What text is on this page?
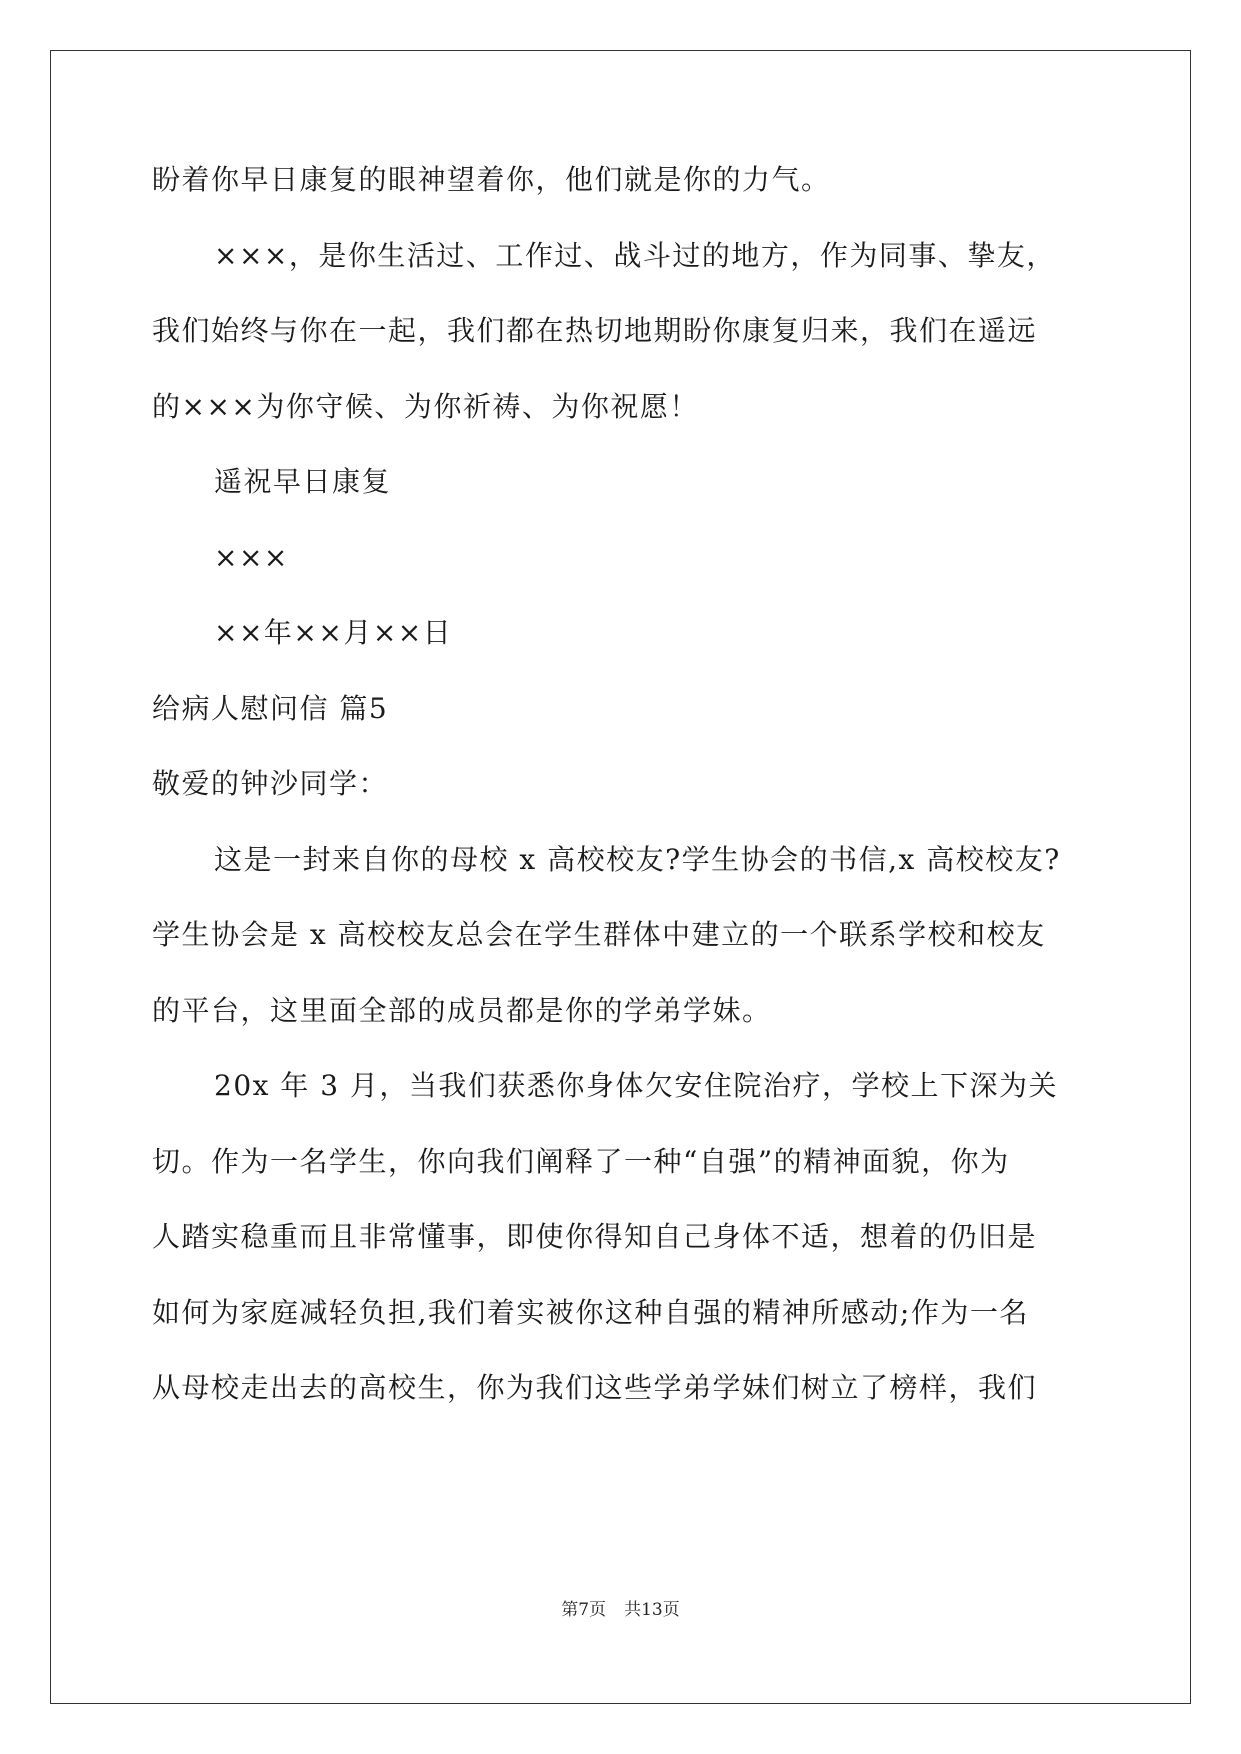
盼着你早日康复的眼神望着你，他们就是你的力气。
×××，是你生活过、工作过、战斗过的地方，作为同事、挚友，
我们始终与你在一起，我们都在热切地期盼你康复归来，我们在遥远
的×××为你守候、为你祈祷、为你祝愿！
遥祝早日康复
×××
××年××月××日
给病人慰问信 篇5
敬爱的钟沙同学：
这是一封来自你的母校 x 高校校友?学生协会的书信,x 高校校友?
学生协会是 x 高校校友总会在学生群体中建立的一个联系学校和校友
的平台，这里面全部的成员都是你的学弟学妹。
20x 年 3 月，当我们获悉你身体欠安住院治疗，学校上下深为关
切。作为一名学生，你向我们阐释了一种“自强”的精神面貌，你为
人踏实稳重而且非常懂事，即使你得知自己身体不适，想着的仍旧是
如何为家庭减轻负担,我们着实被你这种自强的精神所感动;作为一名
从母校走出去的高校生，你为我们这些学弟学妹们树立了榜样，我们
第7页 共13页
